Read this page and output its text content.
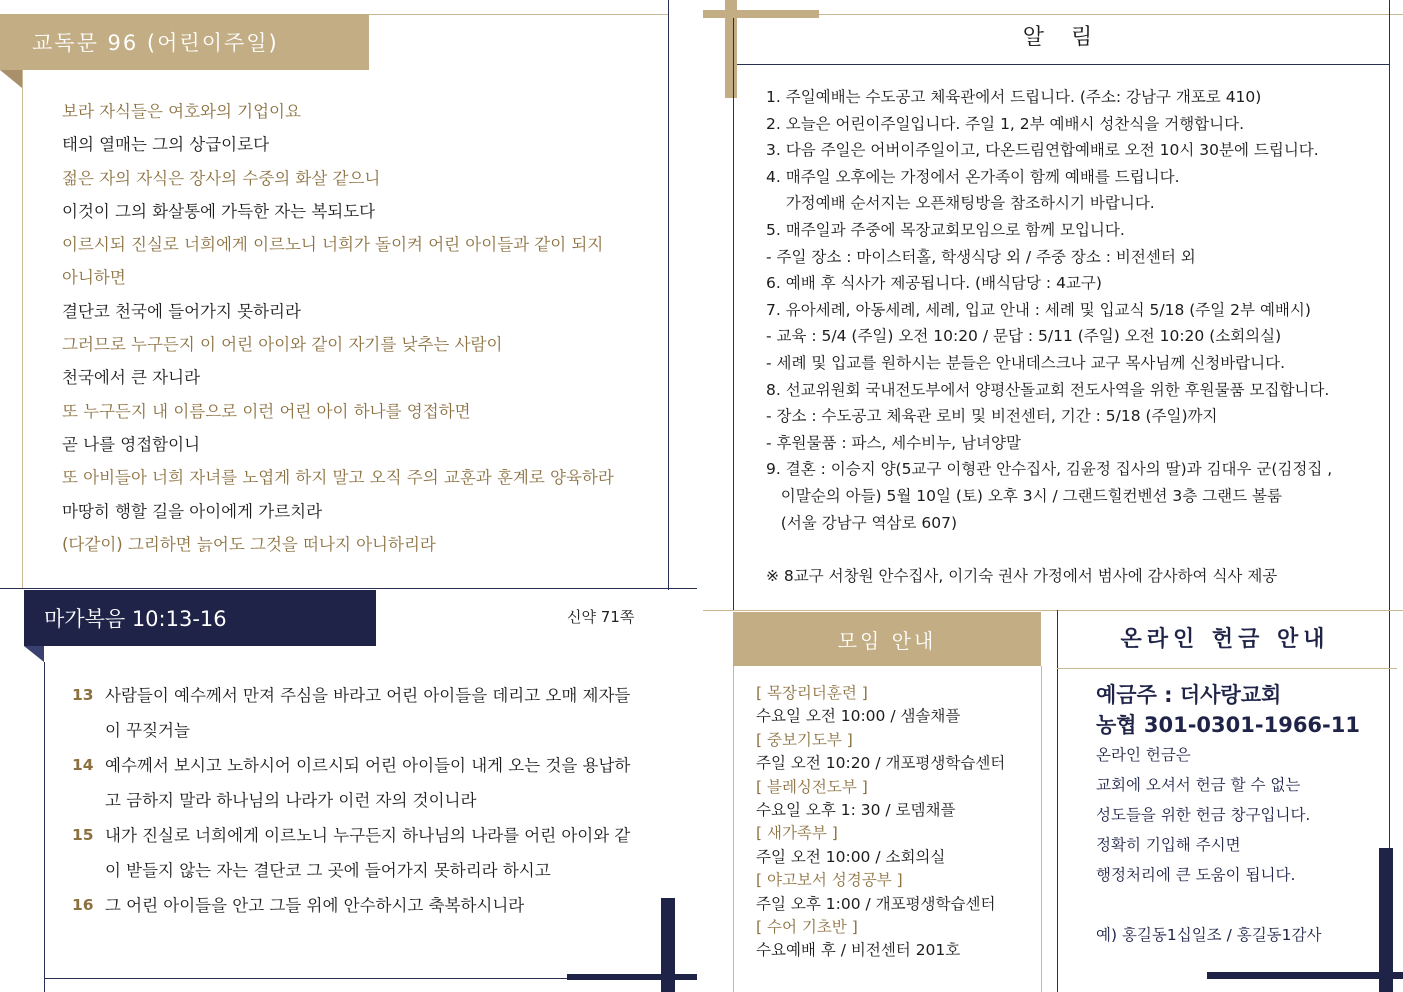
교독문 96 (어린이주일)
보라 자식들은 여호와의 기업이요
태의 열매는 그의 상급이로다
젊은 자의 자식은 장사의 수중의 화살 같으니
이것이 그의 화살통에 가득한 자는 복되도다
이르시되 진실로 너희에게 이르노니 너희가 돌이켜 어린 아이들과 같이 되지
아니하면
결단코 천국에 들어가지 못하리라
그러므로 누구든지 이 어린 아이와 같이 자기를 낮추는 사람이
천국에서 큰 자니라
또 누구든지 내 이름으로 이런 어린 아이 하나를 영접하면
곧 나를 영접함이니
또 아비들아 너희 자녀를 노엽게 하지 말고 오직 주의 교훈과 훈계로 양육하라
마땅히 행할 길을 아이에게 가르치라
(다같이) 그리하면 늙어도 그것을 떠나지 아니하리라
마가복음 10:13-16	신약 71쪽
13 사람들이 예수께서 만져 주심을 바라고 어린 아이들을 데리고 오매 제자들이 꾸짖거늘
14 예수께서 보시고 노하시어 이르시되 어린 아이들이 내게 오는 것을 용납하고 금하지 말라 하나님의 나라가 이런 자의 것이니라
15 내가 진실로 너희에게 이르노니 누구든지 하나님의 나라를 어린 아이와 같이 받들지 않는 자는 결단코 그 곳에 들어가지 못하리라 하시고
16 그 어린 아이들을 안고 그들 위에 안수하시고 축복하시니라
알 림
1. 주일예배는 수도공고 체육관에서 드립니다. (주소: 강남구 개포로 410)
2. 오늘은 어린이주일입니다. 주일 1, 2부 예배시 성찬식을 거행합니다.
3. 다음 주일은 어버이주일이고, 다온드림연합예배로 오전 10시 30분에 드립니다.
4. 매주일 오후에는 가정에서 온가족이 함께 예배를 드립니다.
가정예배 순서지는 오픈채팅방을 참조하시기 바랍니다.
5. 매주일과 주중에 목장교회모임으로 함께 모입니다.
- 주일 장소 : 마이스터홀, 학생식당 외 / 주중 장소 : 비전센터 외
6. 예배 후 식사가 제공됩니다. (배식담당 : 4교구)
7. 유아세례, 아동세례, 세례, 입교 안내 : 세례 및 입교식 5/18 (주일 2부 예배시)
- 교육 : 5/4 (주일) 오전 10:20 / 문답 : 5/11 (주일) 오전 10:20 (소회의실)
- 세례 및 입교를 원하시는 분들은 안내데스크나 교구 목사님께 신청바랍니다.
8. 선교위원회 국내전도부에서 양평산돌교회 전도사역을 위한 후원물품 모집합니다.
- 장소 : 수도공고 체육관 로비 및 비전센터, 기간 : 5/18 (주일)까지
- 후원물품 : 파스, 세수비누, 남녀양말
9. 결혼 : 이승지 양(5교구 이형관 안수집사, 김윤정 집사의 딸)과 김대우 군(김정집 ,
이말순의 아들) 5월 10일 (토) 오후 3시 / 그랜드힐컨벤션 3층 그랜드 볼룸
(서울 강남구 역삼로 607)
※ 8교구 서창원 안수집사, 이기숙 권사 가정에서 범사에 감사하여 식사 제공
모임 안내
[ 목장리더훈련 ]
수요일 오전 10:00 / 샘솔채플
[ 중보기도부 ]
주일 오전 10:20 / 개포평생학습센터
[ 블레싱전도부 ]
수요일 오후 1: 30 / 로뎀채플
[ 새가족부 ]
주일 오전 10:00 / 소회의실
[ 야고보서 성경공부 ]
주일 오후 1:00 / 개포평생학습센터
[ 수어 기초반 ]
수요예배 후 / 비전센터 201호
온라인 헌금 안내
예금주 : 더사랑교회
농협 301-0301-1966-11
온라인 헌금은
교회에 오셔서 헌금 할 수 없는
성도들을 위한 헌금 창구입니다.
정확히 기입해 주시면
행정처리에 큰 도움이 됩니다.
예) 홍길동1십일조 / 홍길동1감사
